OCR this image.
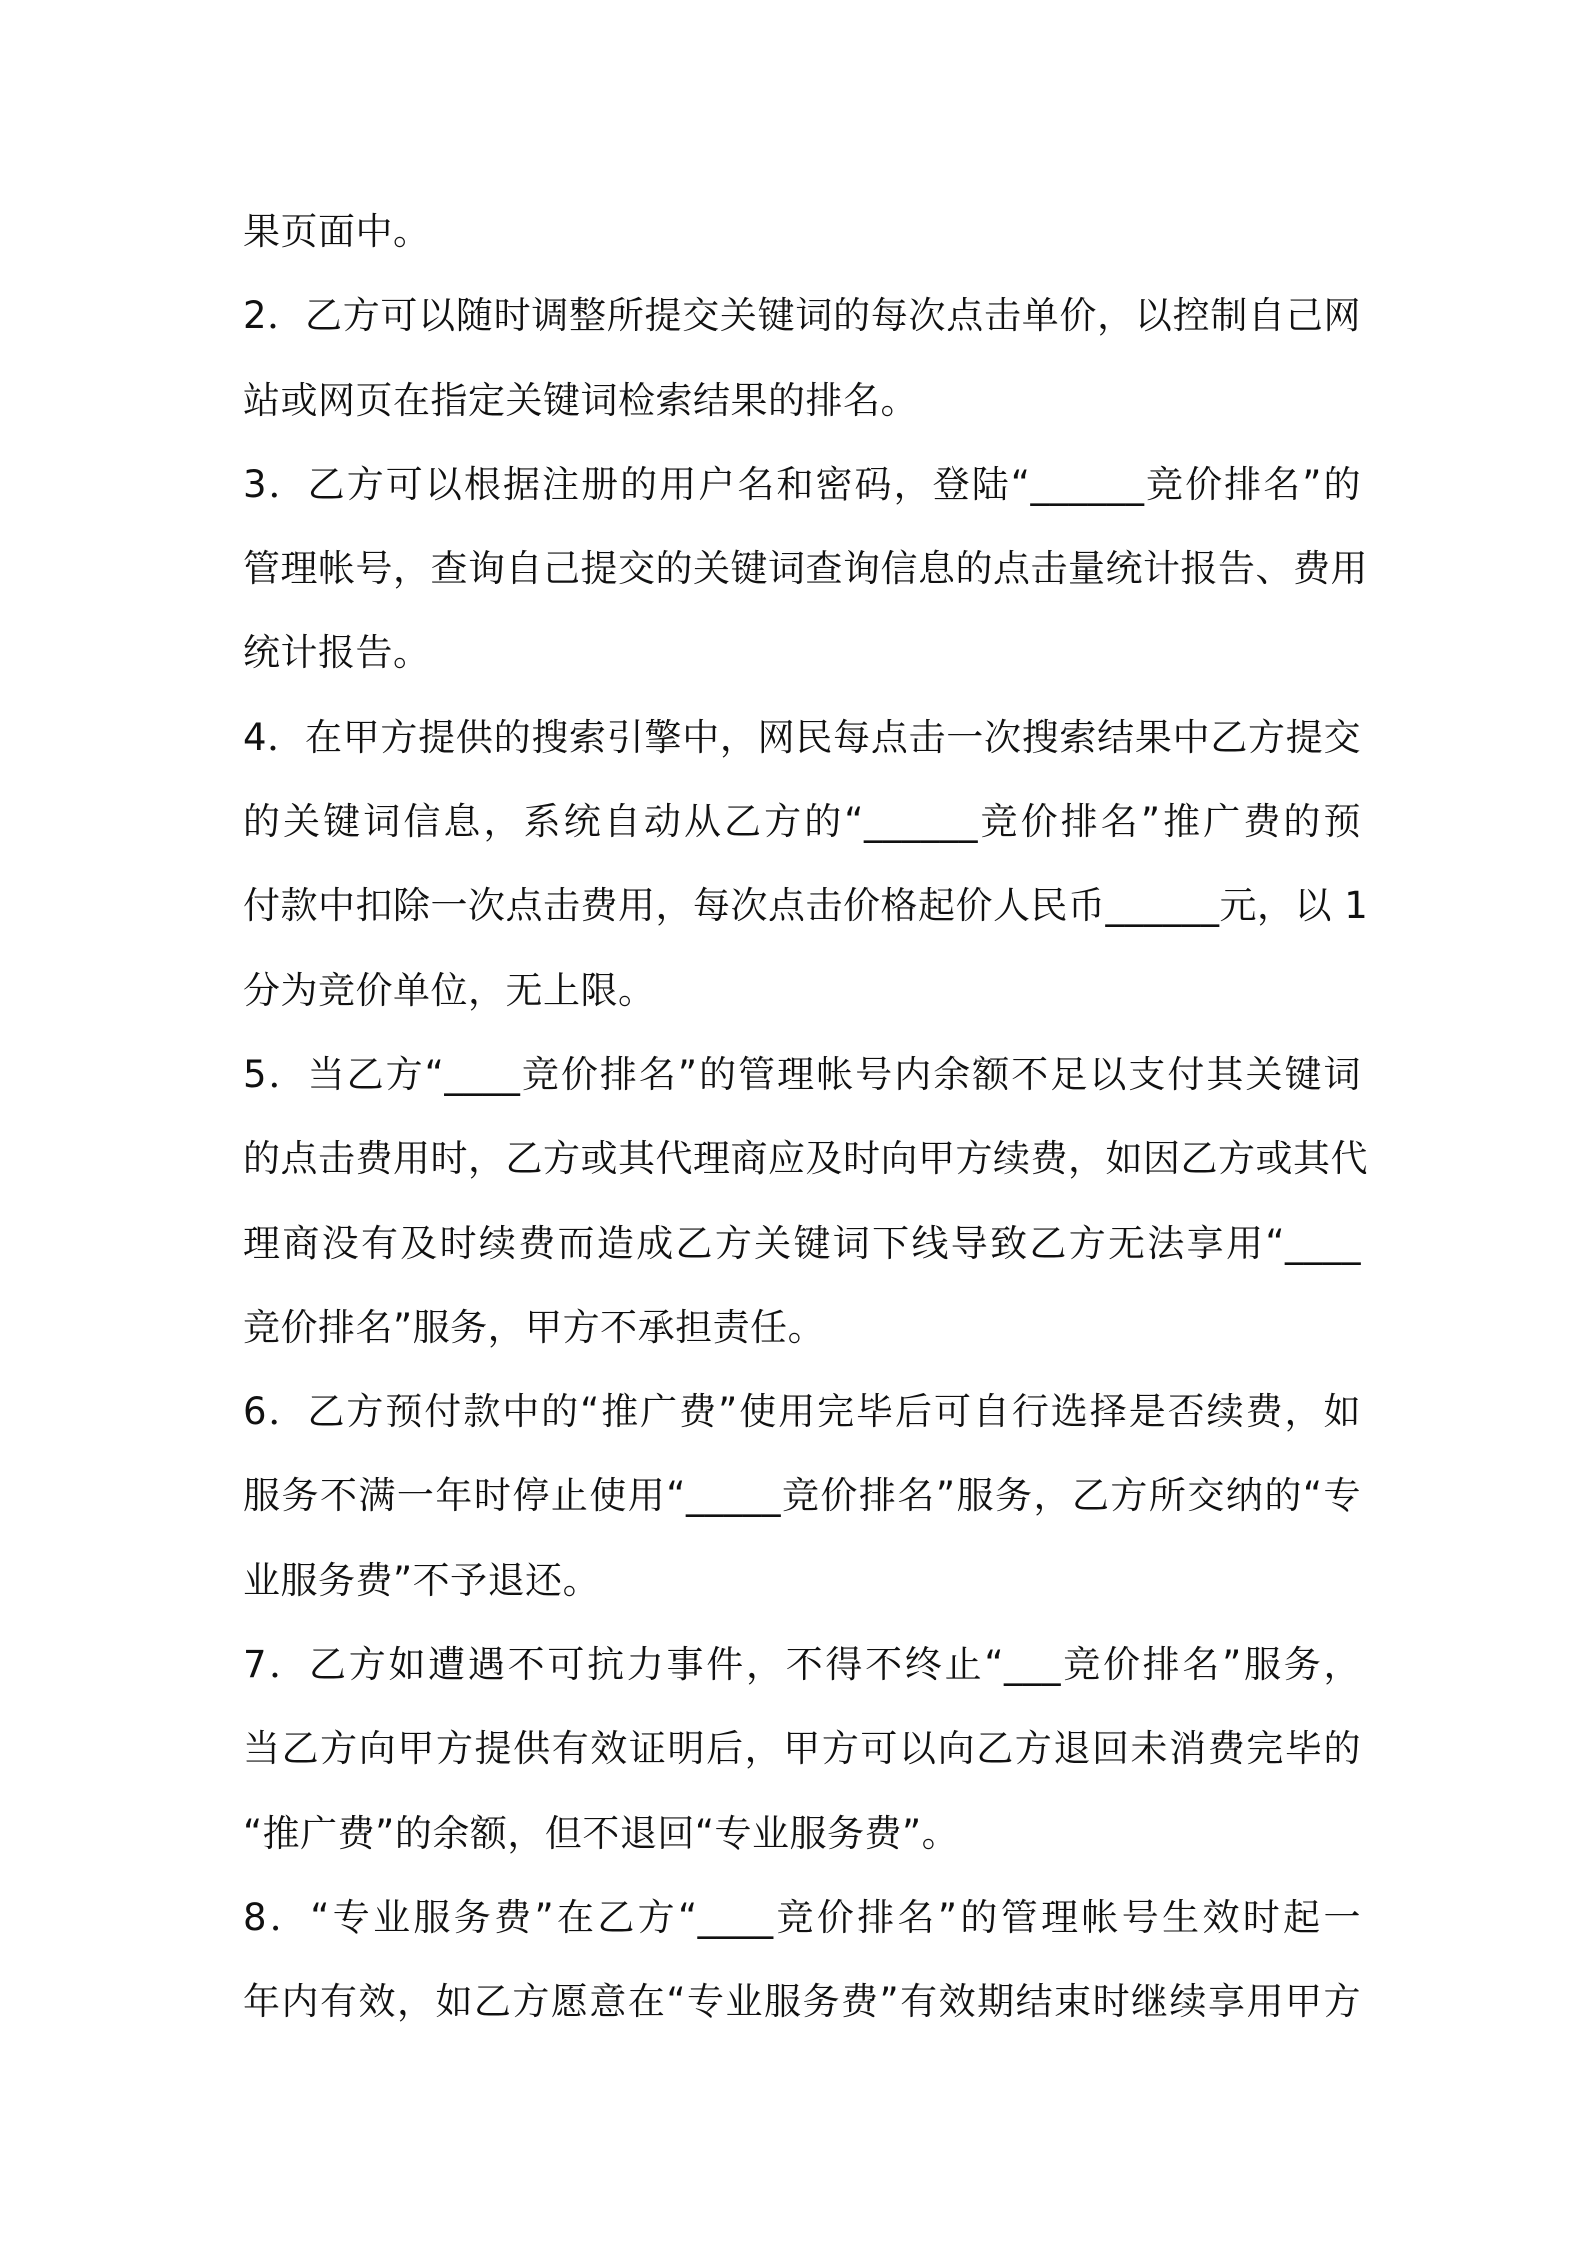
果页面中。
2．乙方可以随时调整所提交关键词的每次点击单价，以控制自己网
站或网页在指定关键词检索结果的排名。
3．乙方可以根据注册的用户名和密码，登陆“______竞价排名”的
管理帐号，查询自己提交的关键词查询信息的点击量统计报告、费用
统计报告。
4．在甲方提供的搜索引擎中，网民每点击一次搜索结果中乙方提交
的关键词信息，系统自动从乙方的“______竞价排名”推广费的预
付款中扣除一次点击费用，每次点击价格起价人民币______元，以 1
分为竞价单位，无上限。
5．当乙方“____竞价排名”的管理帐号内余额不足以支付其关键词
的点击费用时，乙方或其代理商应及时向甲方续费，如因乙方或其代
理商没有及时续费而造成乙方关键词下线导致乙方无法享用“____
竞价排名”服务，甲方不承担责任。
6．乙方预付款中的“推广费”使用完毕后可自行选择是否续费，如
服务不满一年时停止使用“_____竞价排名”服务，乙方所交纳的“专
业服务费”不予退还。
7．乙方如遭遇不可抗力事件，不得不终止“___竞价排名”服务，
当乙方向甲方提供有效证明后，甲方可以向乙方退回未消费完毕的
“推广费”的余额，但不退回“专业服务费”。
8．“专业服务费”在乙方“____竞价排名”的管理帐号生效时起一
年内有效，如乙方愿意在“专业服务费”有效期结束时继续享用甲方
